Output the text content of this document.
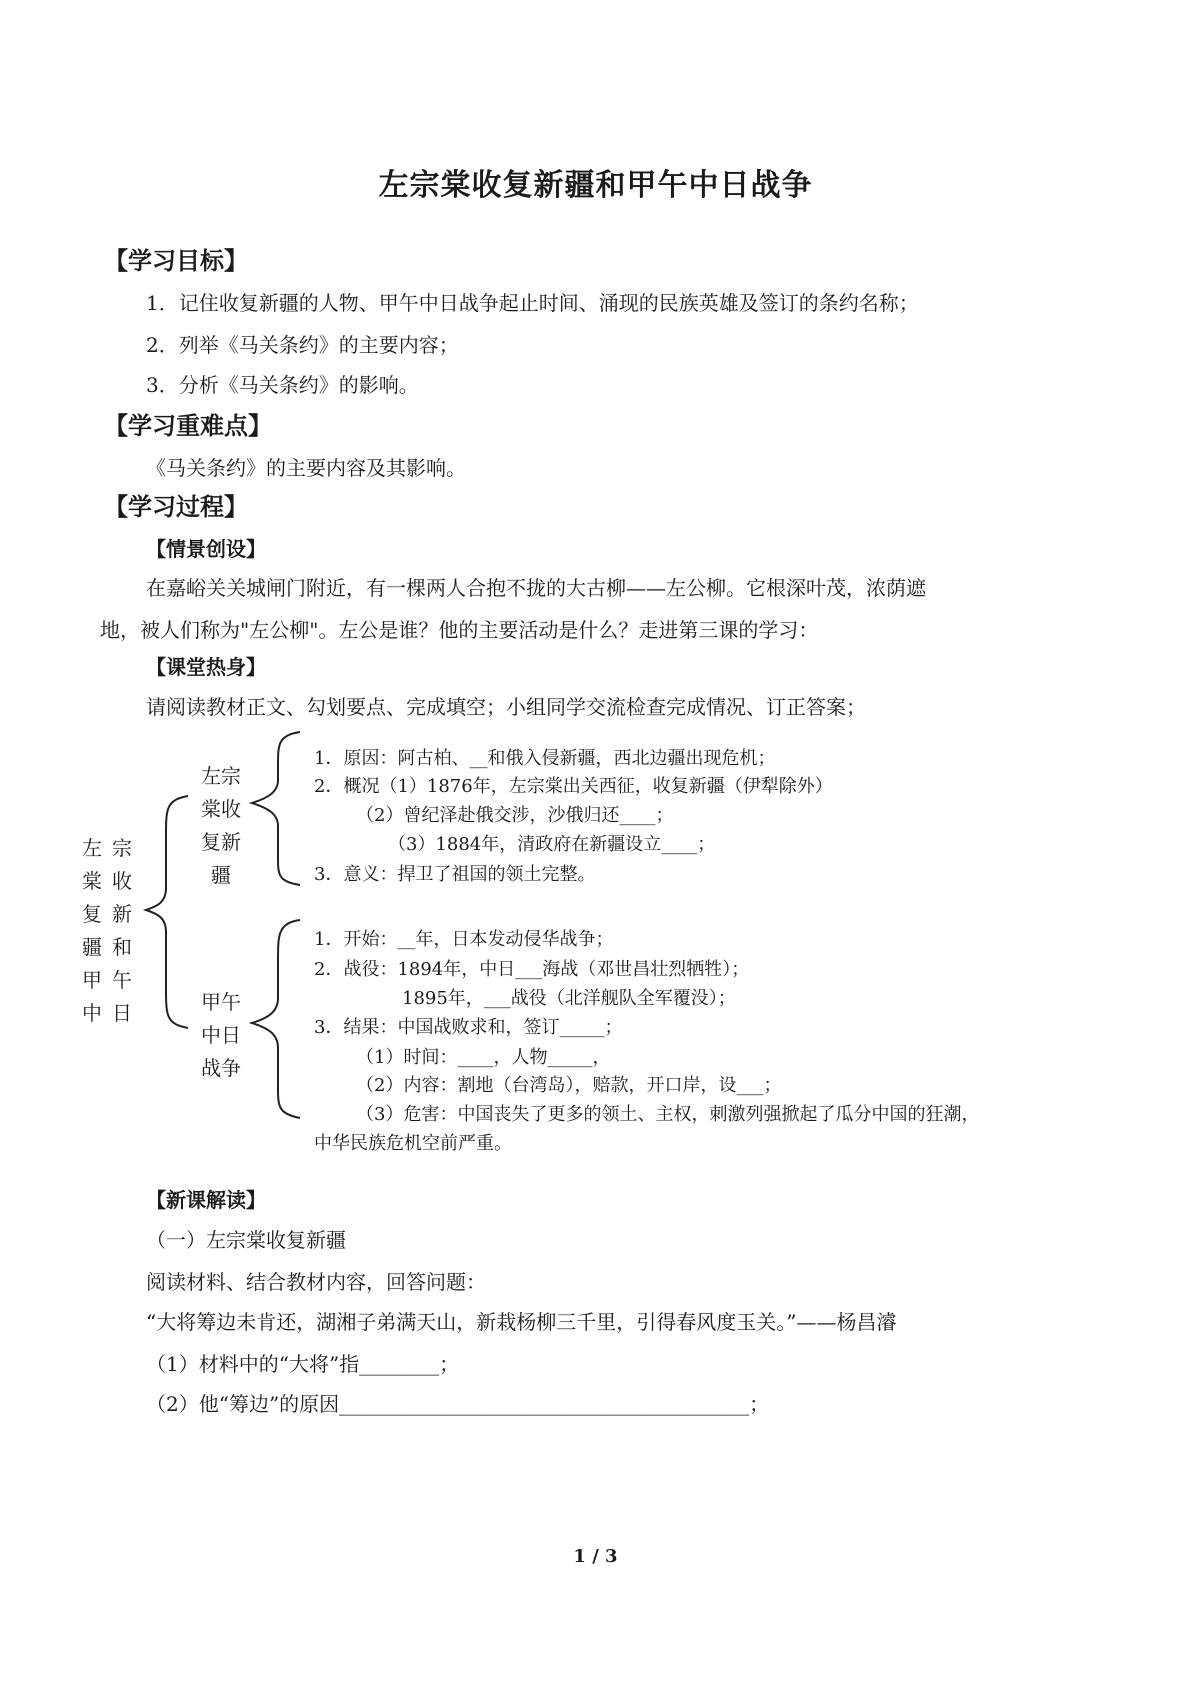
左宗棠收复新疆和甲午中日战争
【学习目标】
1．记住收复新疆的人物、甲午中日战争起止时间、涌现的民族英雄及签订的条约名称；
2．列举《马关条约》的主要内容；
3．分析《马关条约》的影响。
【学习重难点】
《马关条约》的主要内容及其影响。
【学习过程】
【情景创设】
在嘉峪关关城闸门附近，有一棵两人合抱不拢的大古柳——左公柳。它根深叶茂，浓荫遮
地，被人们称为"左公柳"。左公是谁？他的主要活动是什么？走进第三课的学习：
【课堂热身】
请阅读教材正文、勾划要点、完成填空；小组同学交流检查完成情况、订正答案；
左棠复疆甲中
宗收新和午日
左宗棠收复新疆
甲午中日战争
1．原因：阿古柏、__和俄入侵新疆，西北边疆出现危机；
2．概况（1）1876年，左宗棠出关西征，收复新疆（伊犁除外）
（2）曾纪泽赴俄交涉，沙俄归还____；
（3）1884年，清政府在新疆设立____；
3．意义：捍卫了祖国的领土完整。
1．开始：__年，日本发动侵华战争；
2．战役：1894年，中日___海战（邓世昌壮烈牺牲）；
1895年，___战役（北洋舰队全军覆没）；
3．结果：中国战败求和，签订_____；
（1）时间：____，人物_____，
（2）内容：割地（台湾岛），赔款，开口岸，设___；
（3）危害：中国丧失了更多的领土、主权，刺激列强掀起了瓜分中国的狂潮，
中华民族危机空前严重。
【新课解读】
（一）左宗棠收复新疆
阅读材料、结合教材内容，回答问题：
“大将筹边未肯还，湖湘子弟满天山，新栽杨柳三千里，引得春风度玉关。”——杨昌濬
（1）材料中的“大将”指________；
（2）他“筹边”的原因_________________________________________；
1 / 3
